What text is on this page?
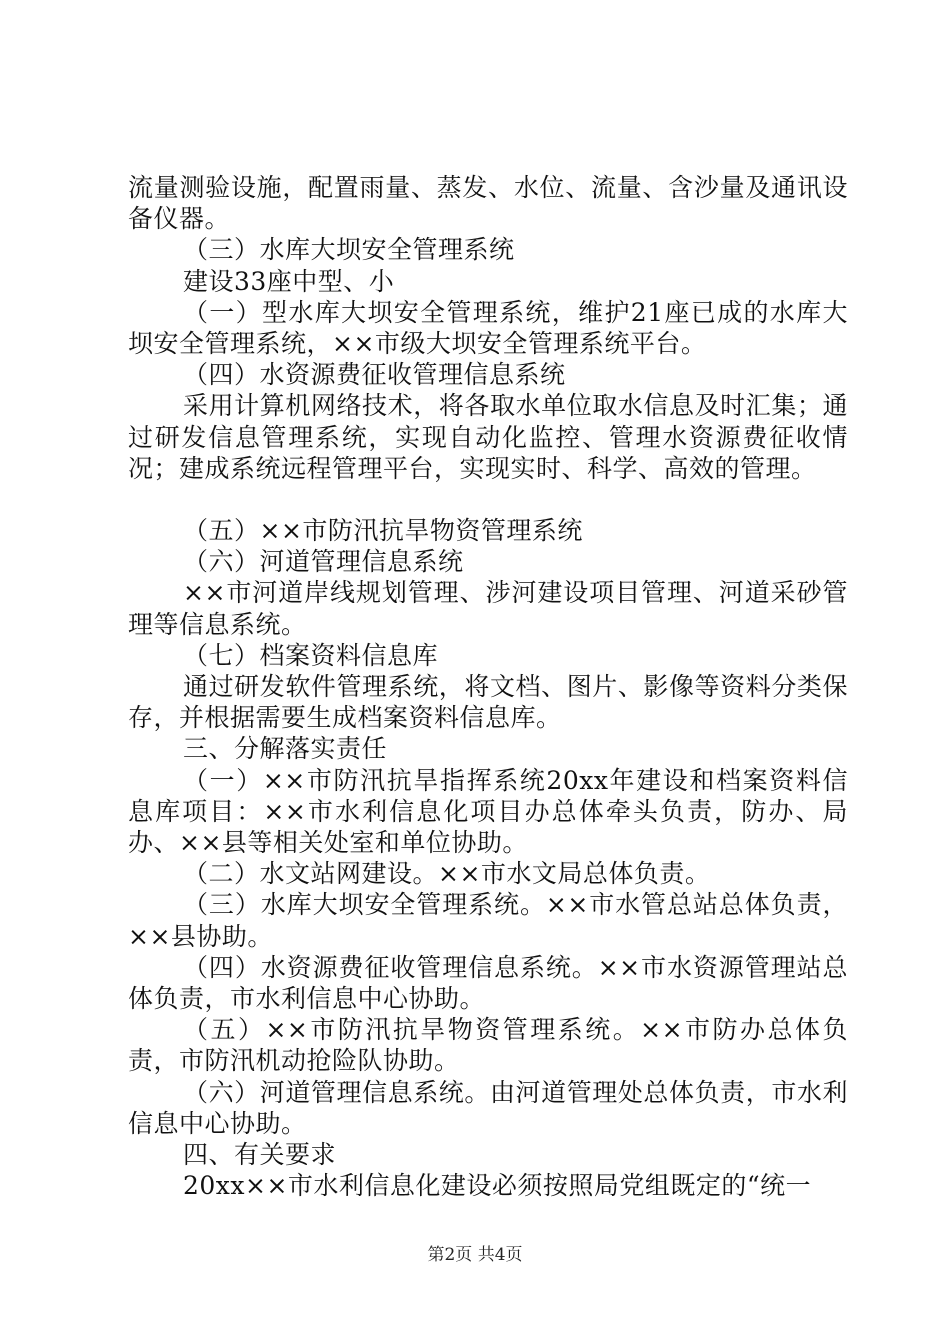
流量测验设施，配置雨量、蒸发、水位、流量、含沙量及通讯设备仪器。

（三）水库大坝安全管理系统

建设33座中型、小

（一）型水库大坝安全管理系统，维护21座已成的水库大坝安全管理系统，××市级大坝安全管理系统平台。

（四）水资源费征收管理信息系统

采用计算机网络技术，将各取水单位取水信息及时汇集；通过研发信息管理系统，实现自动化监控、管理水资源费征收情况；建成系统远程管理平台，实现实时、科学、高效的管理。

（五）××市防汛抗旱物资管理系统

（六）河道管理信息系统

××市河道岸线规划管理、涉河建设项目管理、河道采砂管理等信息系统。

（七）档案资料信息库

通过研发软件管理系统，将文档、图片、影像等资料分类保存，并根据需要生成档案资料信息库。

三、分解落实责任

（一）××市防汛抗旱指挥系统20xx年建设和档案资料信息库项目：××市水利信息化项目办总体牵头负责，防办、局办、××县等相关处室和单位协助。

（二）水文站网建设。××市水文局总体负责。

（三）水库大坝安全管理系统。××市水管总站总体负责，××县协助。

（四）水资源费征收管理信息系统。××市水资源管理站总体负责，市水利信息中心协助。

（五）××市防汛抗旱物资管理系统。××市防办总体负责，市防汛机动抢险队协助。

（六）河道管理信息系统。由河道管理处总体负责，市水利信息中心协助。

四、有关要求

20xx××市水利信息化建设必须按照局党组既定的“统一

第2页 共4页
